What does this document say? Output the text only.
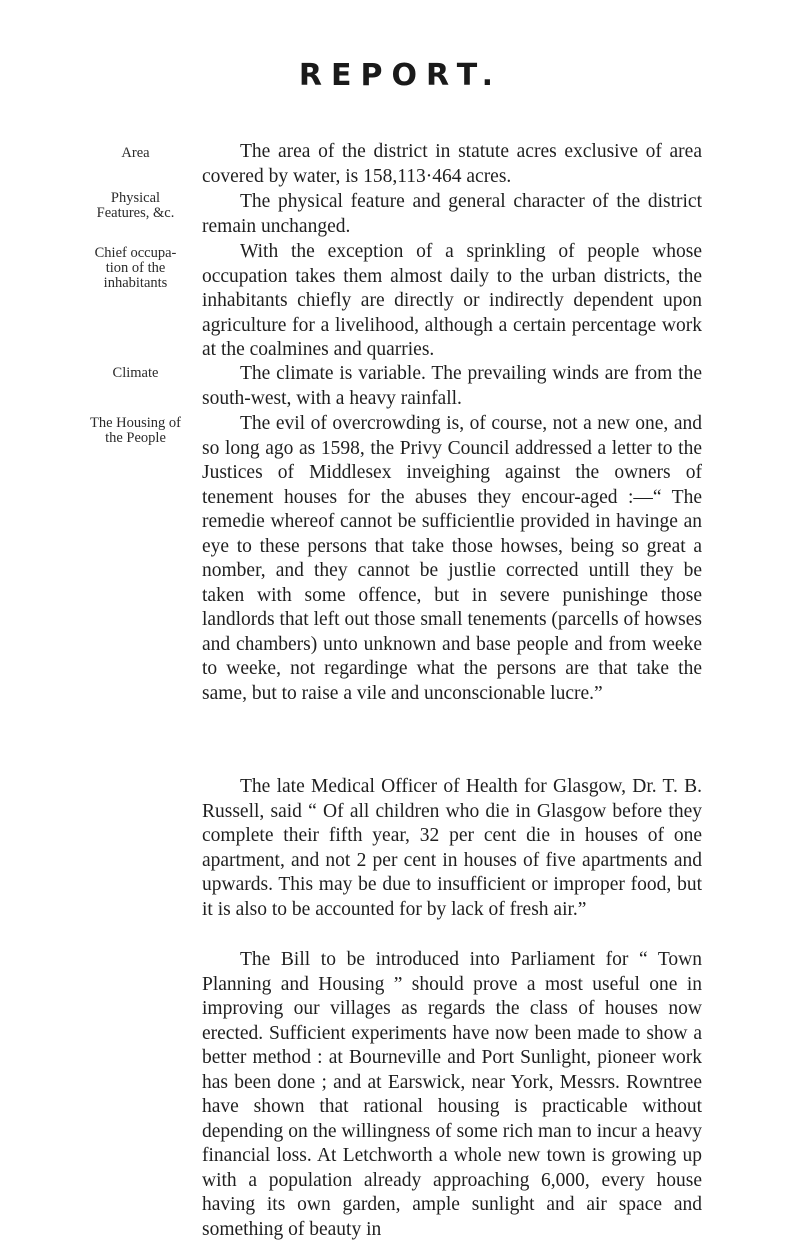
REPORT.
Area
Physical Features, &c.
Chief occupa-tion of the inhabitants
Climate
The Housing of the People

The area of the district in statute acres exclusive of area covered by water, is 158,113·464 acres.

The physical feature and general character of the district remain unchanged.

With the exception of a sprinkling of people whose occupation takes them almost daily to the urban districts, the inhabitants chiefly are directly or indirectly dependent upon agriculture for a livelihood, although a certain percentage work at the coalmines and quarries.

The climate is variable. The prevailing winds are from the south-west, with a heavy rainfall.

The evil of overcrowding is, of course, not a new one, and so long ago as 1598, the Privy Council addressed a letter to the Justices of Middlesex inveighing against the owners of tenement houses for the abuses they encour-aged :—“ The remedie whereof cannot be sufficientlie provided in havinge an eye to these persons that take those howses, being so great a nomber, and they cannot be justlie corrected untill they be taken with some offence, but in severe punishinge those landlords that left out those small tenements (parcells of howses and chambers) unto unknown and base people and from weeke to weeke, not regardinge what the persons are that take the same, but to raise a vile and unconscionable lucre.”

The late Medical Officer of Health for Glasgow, Dr. T. B. Russell, said “ Of all children who die in Glasgow before they complete their fifth year, 32 per cent die in houses of one apartment, and not 2 per cent in houses of five apartments and upwards. This may be due to insufficient or improper food, but it is also to be accounted for by lack of fresh air.”

The Bill to be introduced into Parliament for “ Town Planning and Housing ” should prove a most useful one in improving our villages as regards the class of houses now erected. Sufficient experiments have now been made to show a better method : at Bourneville and Port Sunlight, pioneer work has been done ; and at Earswick, near York, Messrs. Rowntree have shown that rational housing is practicable without depending on the willingness of some rich man to incur a heavy financial loss. At Letchworth a whole new town is growing up with a population already approaching 6,000, every house having its own garden, ample sunlight and air space and something of beauty in
